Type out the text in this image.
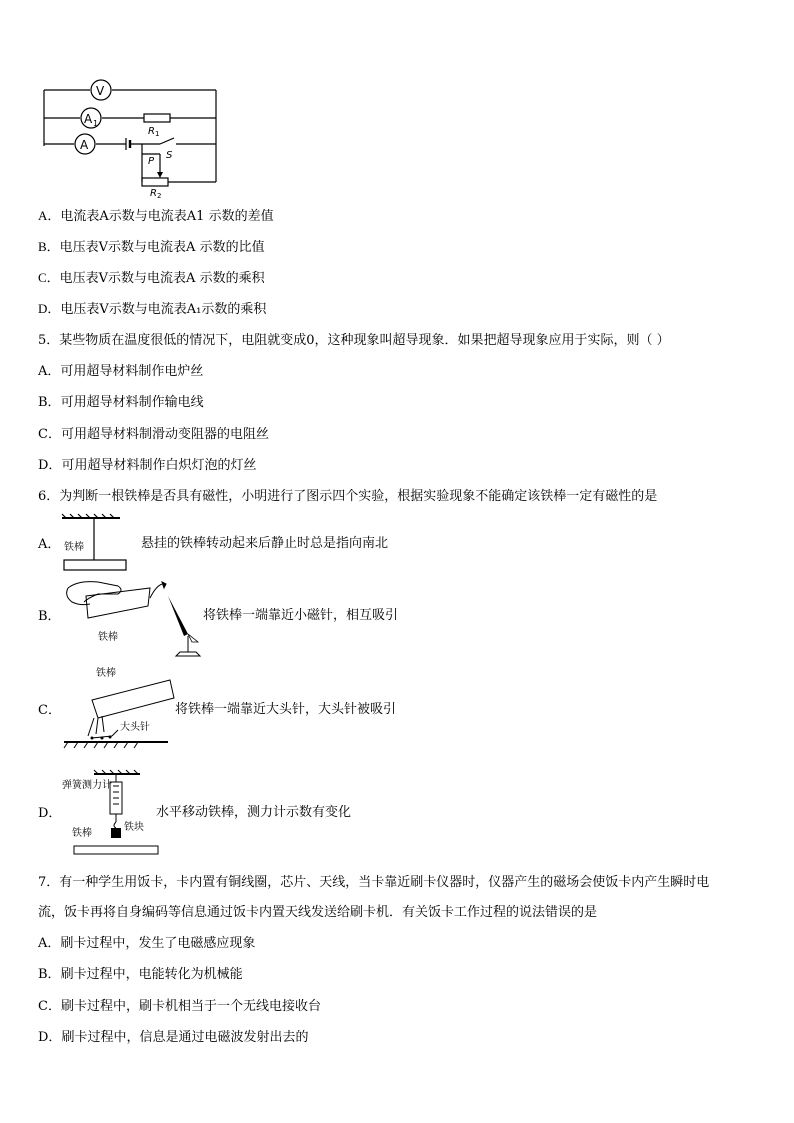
V
A 1
A
R 1
P
S
R 2
A．电流表A示数与电流表A1 示数的差值
B．电压表V示数与电流表A 示数的比值
C．电压表V示数与电流表A 示数的乘积
D．电压表V示数与电流表A₁示数的乘积
5．某些物质在温度很低的情况下，电阻就变成0，这种现象叫超导现象．如果把超导现象应用于实际，则（ ）
A．可用超导材料制作电炉丝
B．可用超导材料制作输电线
C．可用超导材料制滑动变阻器的电阻丝
D．可用超导材料制作白炽灯泡的灯丝
6．为判断一根铁棒是否具有磁性，小明进行了图示四个实验，根据实验现象不能确定该铁棒一定有磁性的是
A． 铁棒	悬挂的铁棒转动起来后静止时总是指向南北
B．
铁棒
将铁棒一端靠近小磁针，相互吸引
C．
铁棒
大头针
将铁棒一端靠近大头针，大头针被吸引
D．
弹簧测力计
铁块
铁棒
水平移动铁棒，测力计示数有变化
7．有一种学生用饭卡，卡内置有铜线圈，芯片、天线，当卡靠近刷卡仪器时，仪器产生的磁场会使饭卡内产生瞬时电
流，饭卡再将自身编码等信息通过饭卡内置天线发送给刷卡机．有关饭卡工作过程的说法错误的是
A．刷卡过程中，发生了电磁感应现象
B．刷卡过程中，电能转化为机械能
C．刷卡过程中，刷卡机相当于一个无线电接收台
D．刷卡过程中，信息是通过电磁波发射出去的
